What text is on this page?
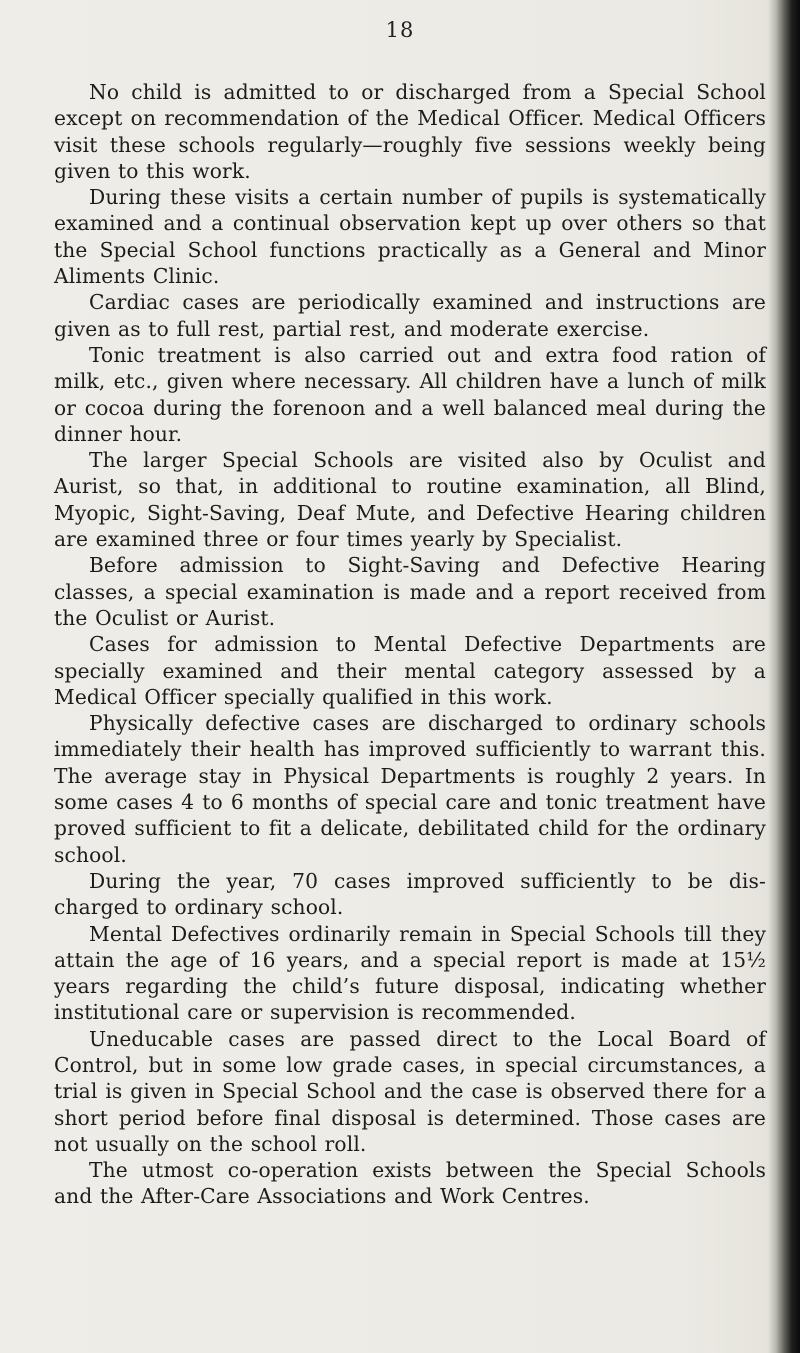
18

No child is admitted to or discharged from a Special School except on recommendation of the Medical Officer. Medical Officers visit these schools regularly—roughly five sessions weekly being given to this work.

During these visits a certain number of pupils is systematically examined and a continual observation kept up over others so that the Special School functions practically as a General and Minor Aliments Clinic.

Cardiac cases are periodically examined and instructions are given as to full rest, partial rest, and moderate exercise.

Tonic treatment is also carried out and extra food ration of milk, etc., given where necessary. All children have a lunch of milk or cocoa during the forenoon and a well balanced meal during the dinner hour.

The larger Special Schools are visited also by Oculist and Aurist, so that, in additional to routine examination, all Blind, Myopic, Sight-Saving, Deaf Mute, and Defective Hearing children are examined three or four times yearly by Specialist.

Before admission to Sight-Saving and Defective Hearing classes, a special examination is made and a report received from the Oculist or Aurist.

Cases for admission to Mental Defective Departments are specially examined and their mental category assessed by a Medical Officer specially qualified in this work.

Physically defective cases are discharged to ordinary schools immediately their health has improved sufficiently to warrant this. The average stay in Physical Departments is roughly 2 years. In some cases 4 to 6 months of special care and tonic treatment have proved sufficient to fit a delicate, debilitated child for the ordinary school.

During the year, 70 cases improved sufficiently to be dis-charged to ordinary school.

Mental Defectives ordinarily remain in Special Schools till they attain the age of 16 years, and a special report is made at 15½ years regarding the child’s future disposal, indicating whether institutional care or supervision is recommended.

Uneducable cases are passed direct to the Local Board of Control, but in some low grade cases, in special circumstances, a trial is given in Special School and the case is observed there for a short period before final disposal is determined. Those cases are not usually on the school roll.

The utmost co-operation exists between the Special Schools and the After-Care Associations and Work Centres.
